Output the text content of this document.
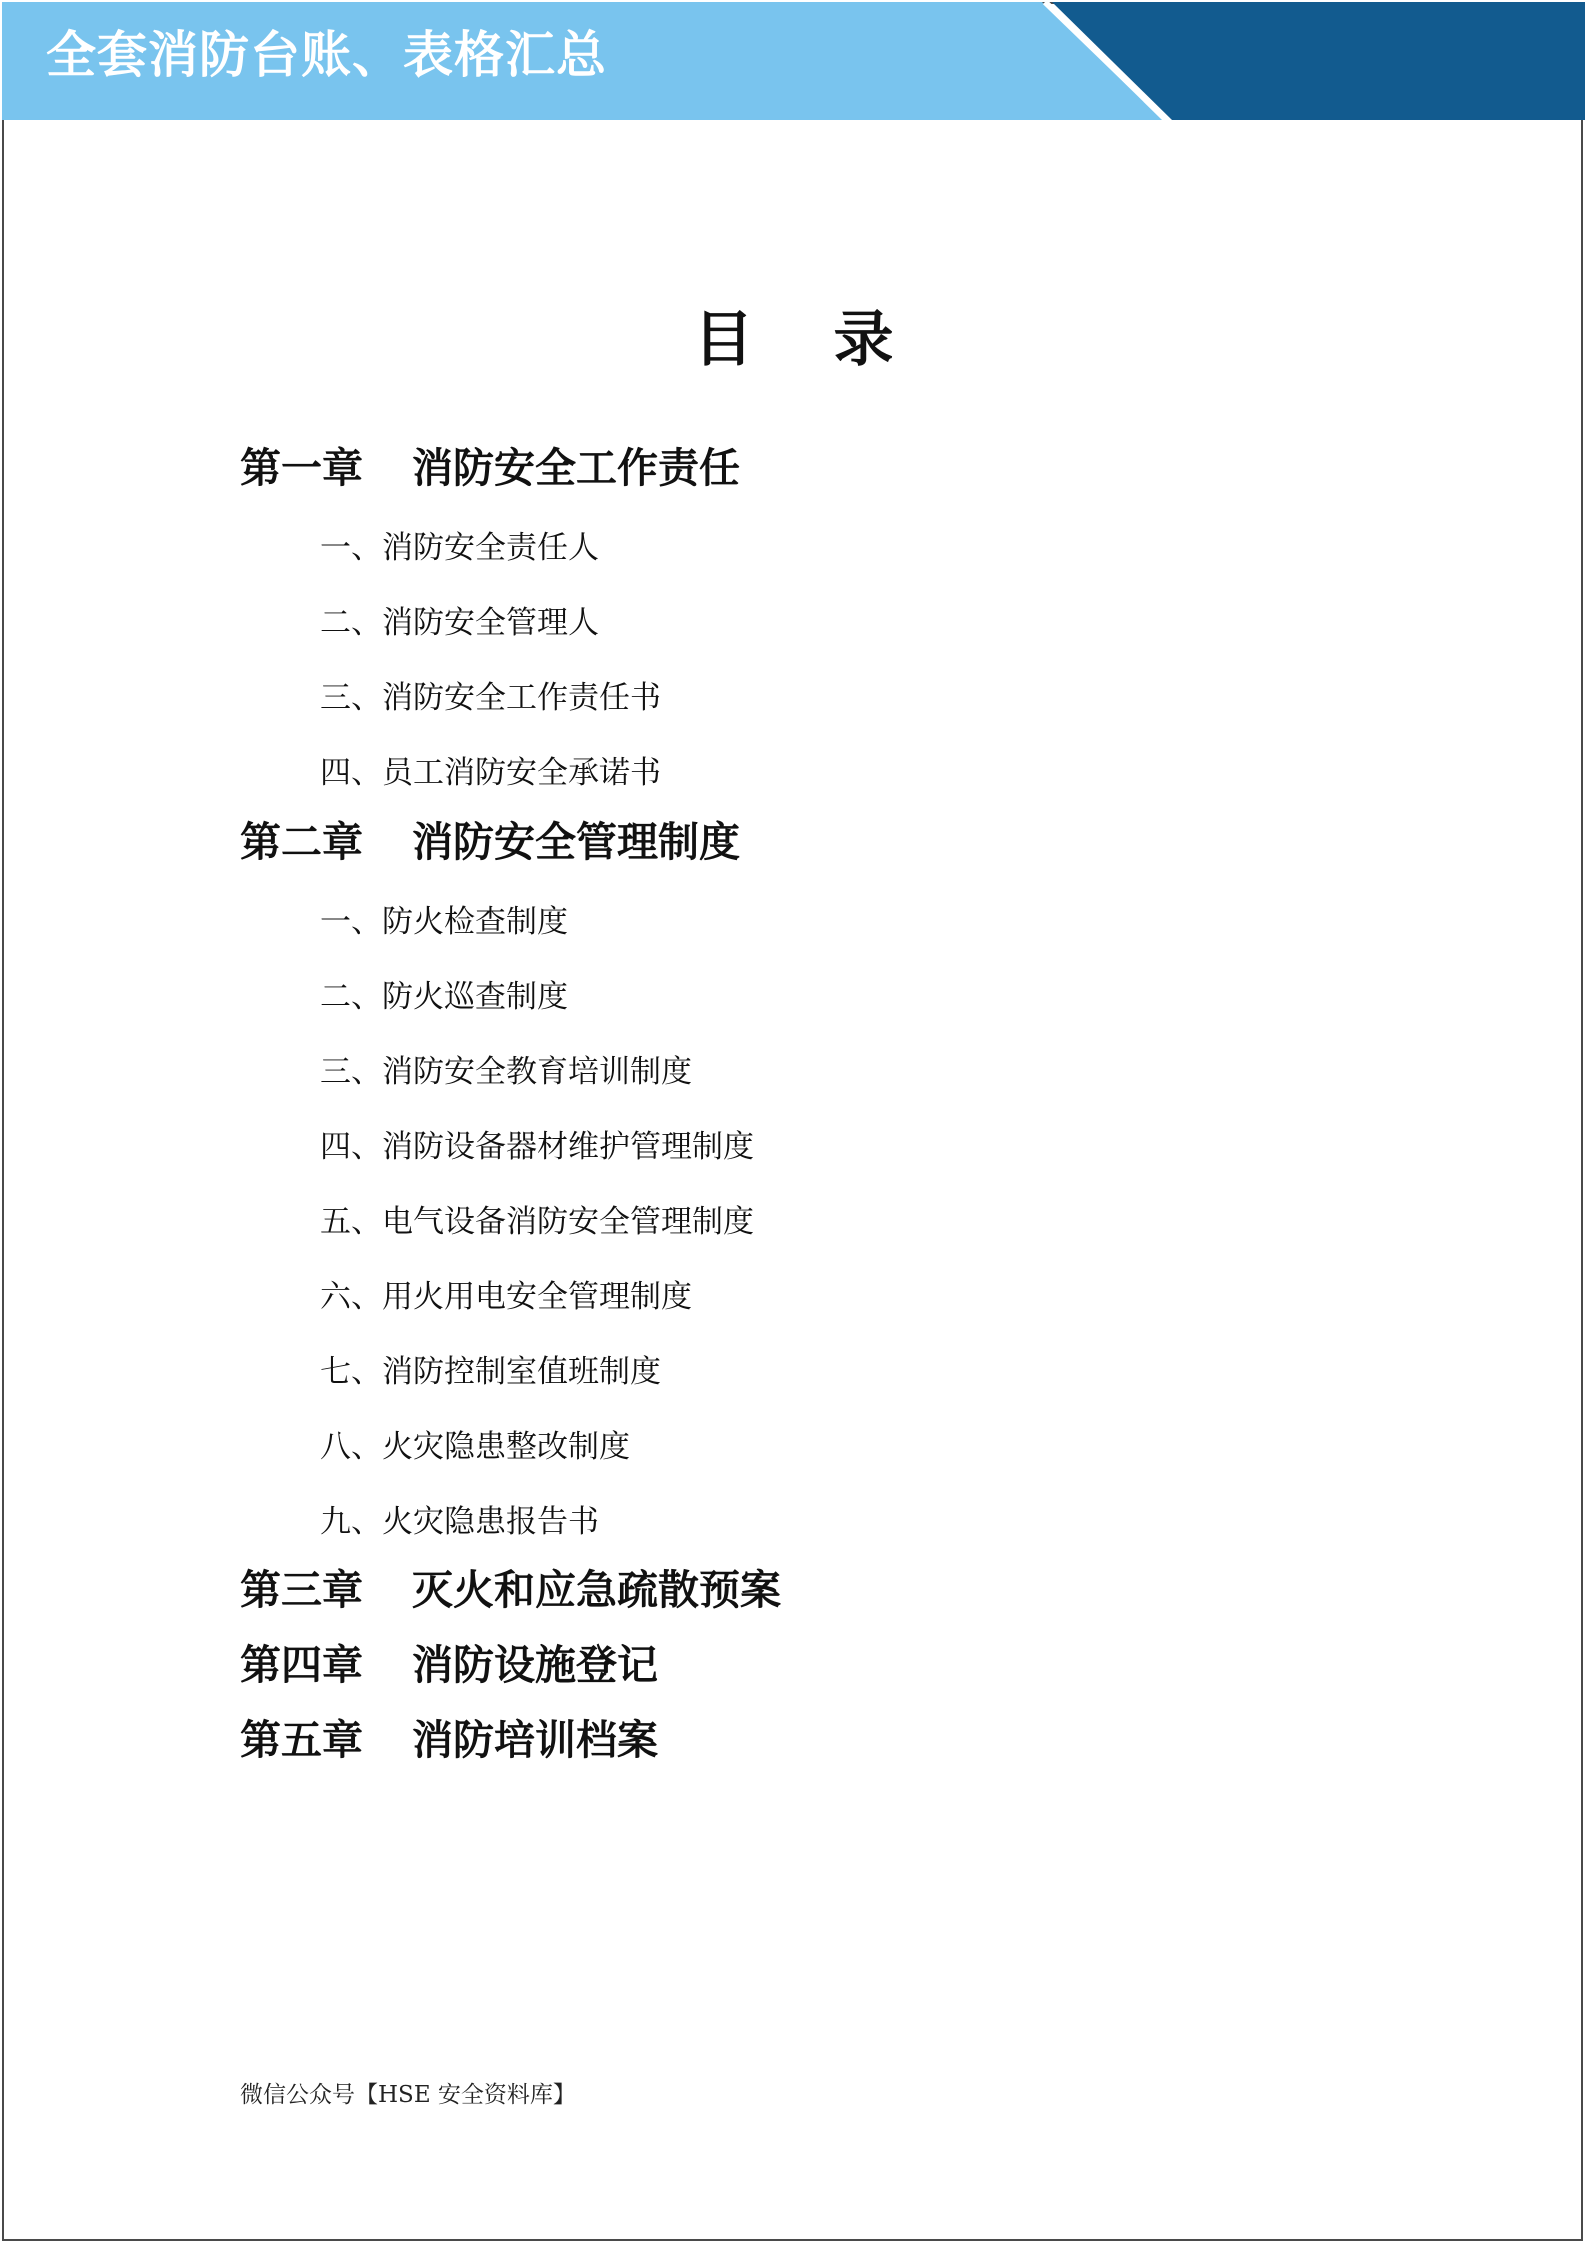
全套消防台账、表格汇总
目录
第一章 消防安全工作责任
一、消防安全责任人
二、消防安全管理人
三、消防安全工作责任书
四、员工消防安全承诺书
第二章 消防安全管理制度
一、防火检查制度
二、防火巡查制度
三、消防安全教育培训制度
四、消防设备器材维护管理制度
五、电气设备消防安全管理制度
六、用火用电安全管理制度
七、消防控制室值班制度
八、火灾隐患整改制度
九、火灾隐患报告书
第三章 灭火和应急疏散预案
第四章 消防设施登记
第五章 消防培训档案
微信公众号【HSE 安全资料库】
